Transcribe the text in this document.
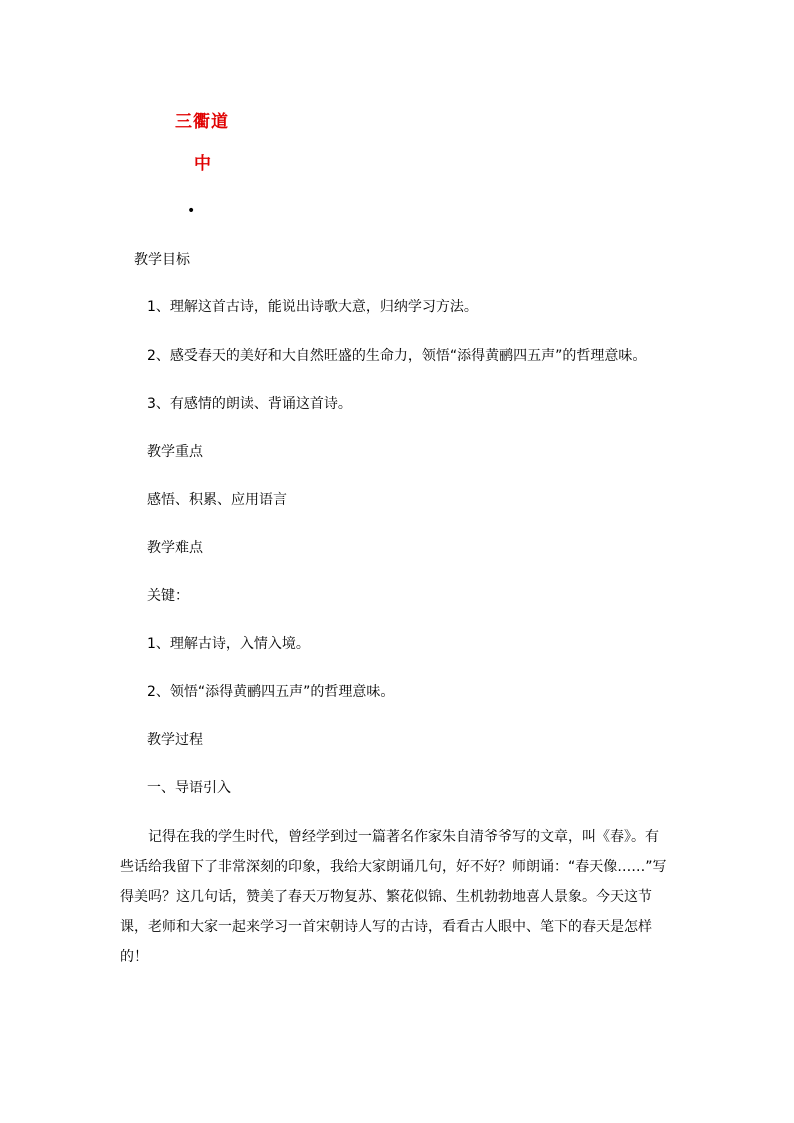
三衢道
中
•
教学目标
1、理解这首古诗，能说出诗歌大意，归纳学习方法。
2、感受春天的美好和大自然旺盛的生命力，领悟“添得黄鹂四五声”的哲理意味。
3、有感情的朗读、背诵这首诗。
教学重点
感悟、积累、应用语言
教学难点
关键：
1、理解古诗，入情入境。
2、领悟“添得黄鹂四五声”的哲理意味。
教学过程
一、导语引入
记得在我的学生时代，曾经学到过一篇著名作家朱自清爷爷写的文章，叫《春》。有些话给我留下了非常深刻的印象，我给大家朗诵几句，好不好？师朗诵：“春天像……”写得美吗？这几句话，赞美了春天万物复苏、繁花似锦、生机勃勃地喜人景象。今天这节课，老师和大家一起来学习一首宋朝诗人写的古诗，看看古人眼中、笔下的春天是怎样的！
